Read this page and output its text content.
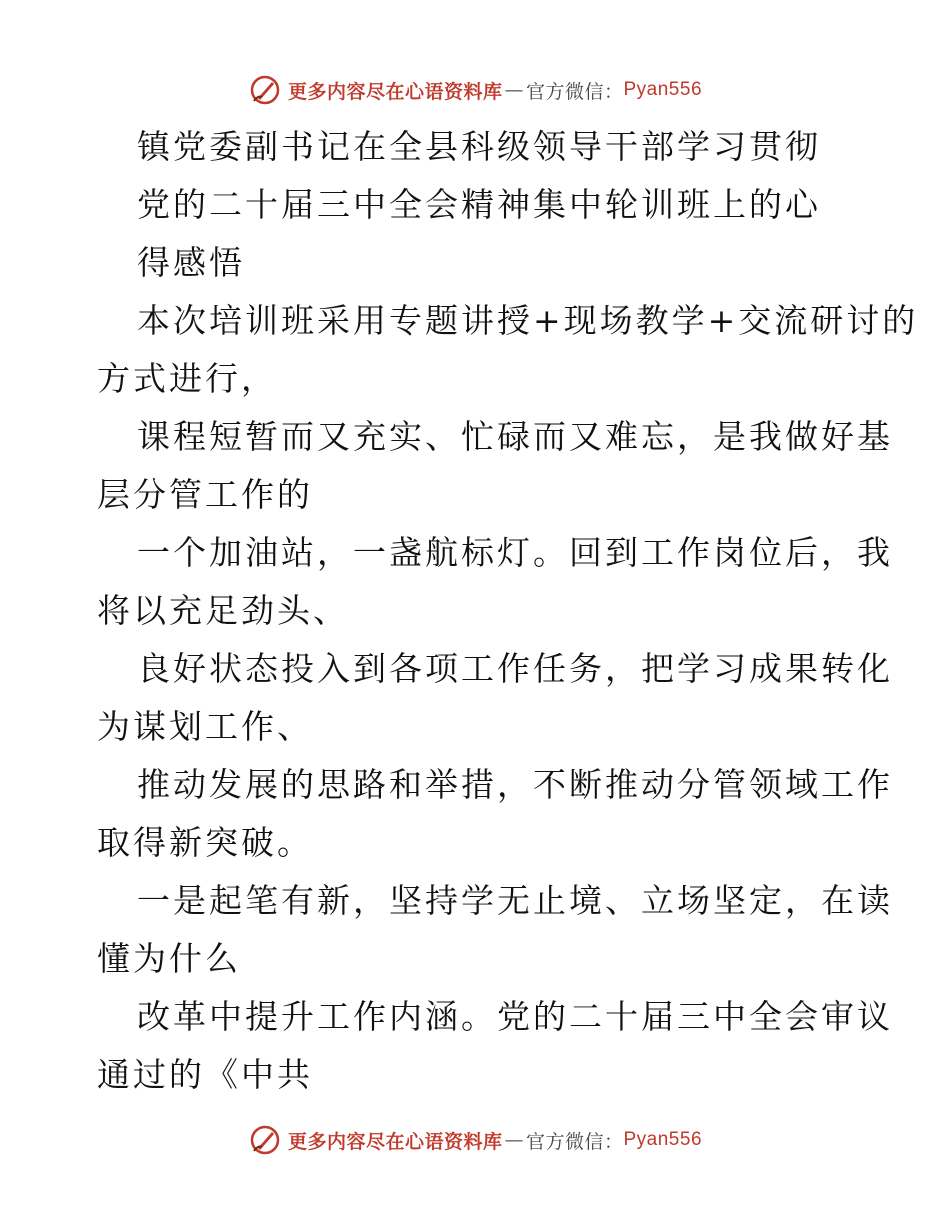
更多内容尽在心语资料库 — 官方微信： Pyan556
镇党委副书记在全县科级领导干部学习贯彻
党的二十届三中全会精神集中轮训班上的心
得感悟
本次培训班采用专题讲授+现场教学+交流研讨的
方式进行，
课程短暂而又充实、忙碌而又难忘，是我做好基
层分管工作的
一个加油站，一盏航标灯。回到工作岗位后，我
将以充足劲头、
良好状态投入到各项工作任务，把学习成果转化
为谋划工作、
推动发展的思路和举措，不断推动分管领域工作
取得新突破。
一是起笔有新，坚持学无止境、立场坚定，在读
懂为什么
改革中提升工作内涵。党的二十届三中全会审议
通过的《中共
更多内容尽在心语资料库 — 官方微信： Pyan556
